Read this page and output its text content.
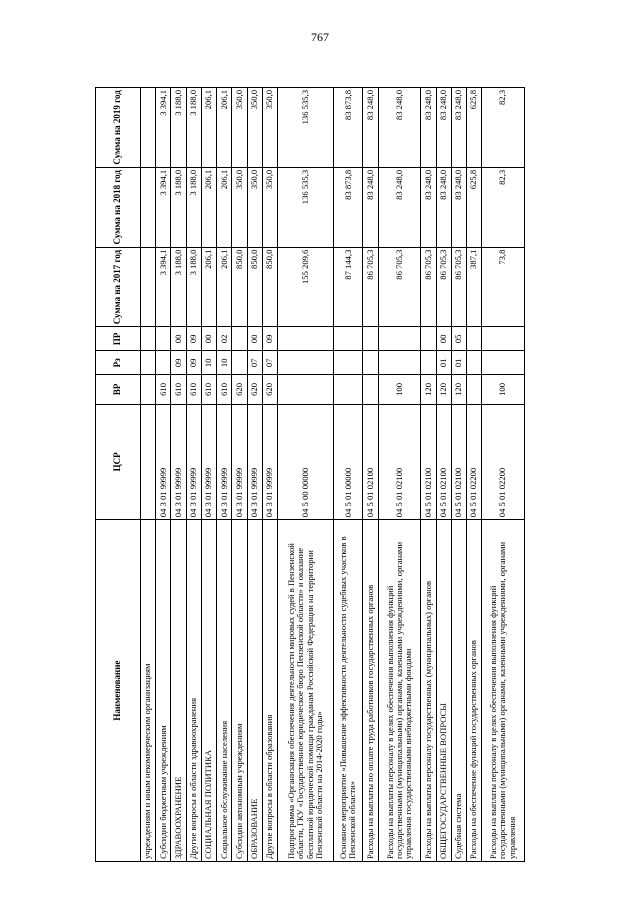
767
Наименование	ЦСР	ВР	Рз	ПР	Сумма на 2017 год	Сумма на 2018 год	Сумма на 2019 год
учреждениям и иным некоммерческим организациям							
Субсидии бюджетным учреждениям	04 3 01 99999	610			3 394,1	3 394,1	3 394,1
ЗДРАВООХРАНЕНИЕ	04 3 01 99999	610	09	00	3 188,0	3 188,0	3 188,0
Другие вопросы в области здравоохранения	04 3 01 99999	610	09	09	3 188,0	3 188,0	3 188,0
СОЦИАЛЬНАЯ ПОЛИТИКА	04 3 01 99999	610	10	00	206,1	206,1	206,1
Социальное обслуживание населения	04 3 01 99999	610	10	02	206,1	206,1	206,1
Субсидии автономным учреждениям	04 3 01 99999	620			850,0	350,0	350,0
ОБРАЗОВАНИЕ	04 3 01 99999	620	07	00	850,0	350,0	350,0
Другие вопросы в области образования	04 3 01 99999	620	07	09	850,0	350,0	350,0
Подпрограмма «Организация обеспечения деятельности мировых судей в Пензенской области, ГКУ «Государственное юридическое бюро Пензенской области» и оказание бесплатной юридической помощи гражданам Российской Федерации на территории Пензенской области на 2014-2020 годы»	04 5 00 00000				155 209,6	136 535,3	136 535,3
Основное мероприятие «Повышение эффективности деятельности судебных участков в Пензенской области»	04 5 01 00000				87 144,3	83 873,8	83 873,8
Расходы на выплаты по оплате труда работников государственных органов	04 5 01 02100				86 705,3	83 248,0	83 248,0
Расходы на выплаты персоналу в целях обеспечения выполнения функций государственными (муниципальными) органами, казенными учреждениями, органами управления государственными внебюджетными фондами	04 5 01 02100	100			86 705,3	83 248,0	83 248,0
Расходы на выплаты персоналу государственных (муниципальных) органов	04 5 01 02100	120			86 705,3	83 248,0	83 248,0
ОБЩЕГОСУДАРСТВЕННЫЕ ВОПРОСЫ	04 5 01 02100	120	01	00	86 705,3	83 248,0	83 248,0
Судебная система	04 5 01 02100	120	01	05	86 705,3	83 248,0	83 248,0
Расходы на обеспечение функций государственных органов	04 5 01 02200				387,1	625,8	625,8
Расходы на выплаты персоналу в целях обеспечения выполнения функций государственными (муниципальными) органами, казенными учреждениями, органами управления	04 5 01 02200	100			73,8	82,3	82,3
